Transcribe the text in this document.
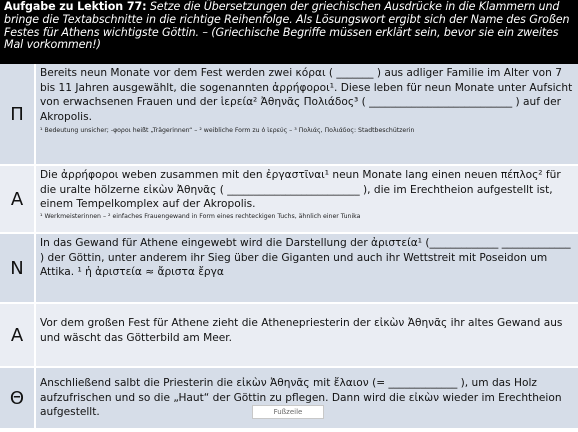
Aufgabe zu Lektion 77: Setze die Übersetzungen der griechischen Ausdrücke in die Klammern und bringe die Textabschnitte in die richtige Reihenfolge. Als Lösungswort ergibt sich der Name des Großen Festes für Athens wichtigste Göttin. – (Griechische Begriffe müssen erklärt sein, bevor sie ein zweites Mal vorkommen!)
Π	Bereits neun Monate vor dem Fest werden zwei κόραι ( _______ ) aus adliger Familie im Alter von 7 bis 11 Jahren ausgewählt, die sogenannten ἀρρήφοροι¹. Diese leben für neun Monate unter Aufsicht von erwachsenen Frauen und der ἱερεία² Ἀθηνᾶς Πολιάδος³ ( ___________________________ ) auf der Akropolis.
¹ Bedeutung unsicher; -φοροι heißt „Trägerinnen“ – ² weibliche Form zu ὁ ἱερεύς – ³ Πολιάς, Πολιάδος: Stadtbeschützerin

Α	Die ἀρρήφοροι weben zusammen mit den ἐργαστῖναι¹ neun Monate lang einen neuen πέπλος² für die uralte hölzerne εἰκὼν Ἀθηνᾶς ( _________________________ ), die im Erechtheion aufgestellt ist, einem Tempelkomplex auf der Akropolis.
¹ Werkmeisterinnen – ² einfaches Frauengewand in Form eines rechteckigen Tuchs, ähnlich einer Tunika

Ν	In das Gewand für Athene eingewebt wird die Darstellung der ἀριστεία¹ (_____________ _____________ ) der Göttin, unter anderem ihr Sieg über die Giganten und auch ihr Wettstreit mit Poseidon um Attika. ¹ ἡ ἀριστεία ≈ ἄριστα ἔργα

Α	Vor dem großen Fest für Athene zieht die Athenepriesterin der εἰκὼν Ἀθηνᾶς ihr altes Gewand aus und wäscht das Götterbild am Meer.

Θ	Anschließend salbt die Priesterin die εἰκὼν Ἀθηνᾶς mit ἔλαιον (= _____________ ), um das Holz aufzufrischen und so die „Haut“ der Göttin zu pflegen. Dann wird die εἰκὼν wieder im Erechtheion aufgestellt.	Fußzeile
